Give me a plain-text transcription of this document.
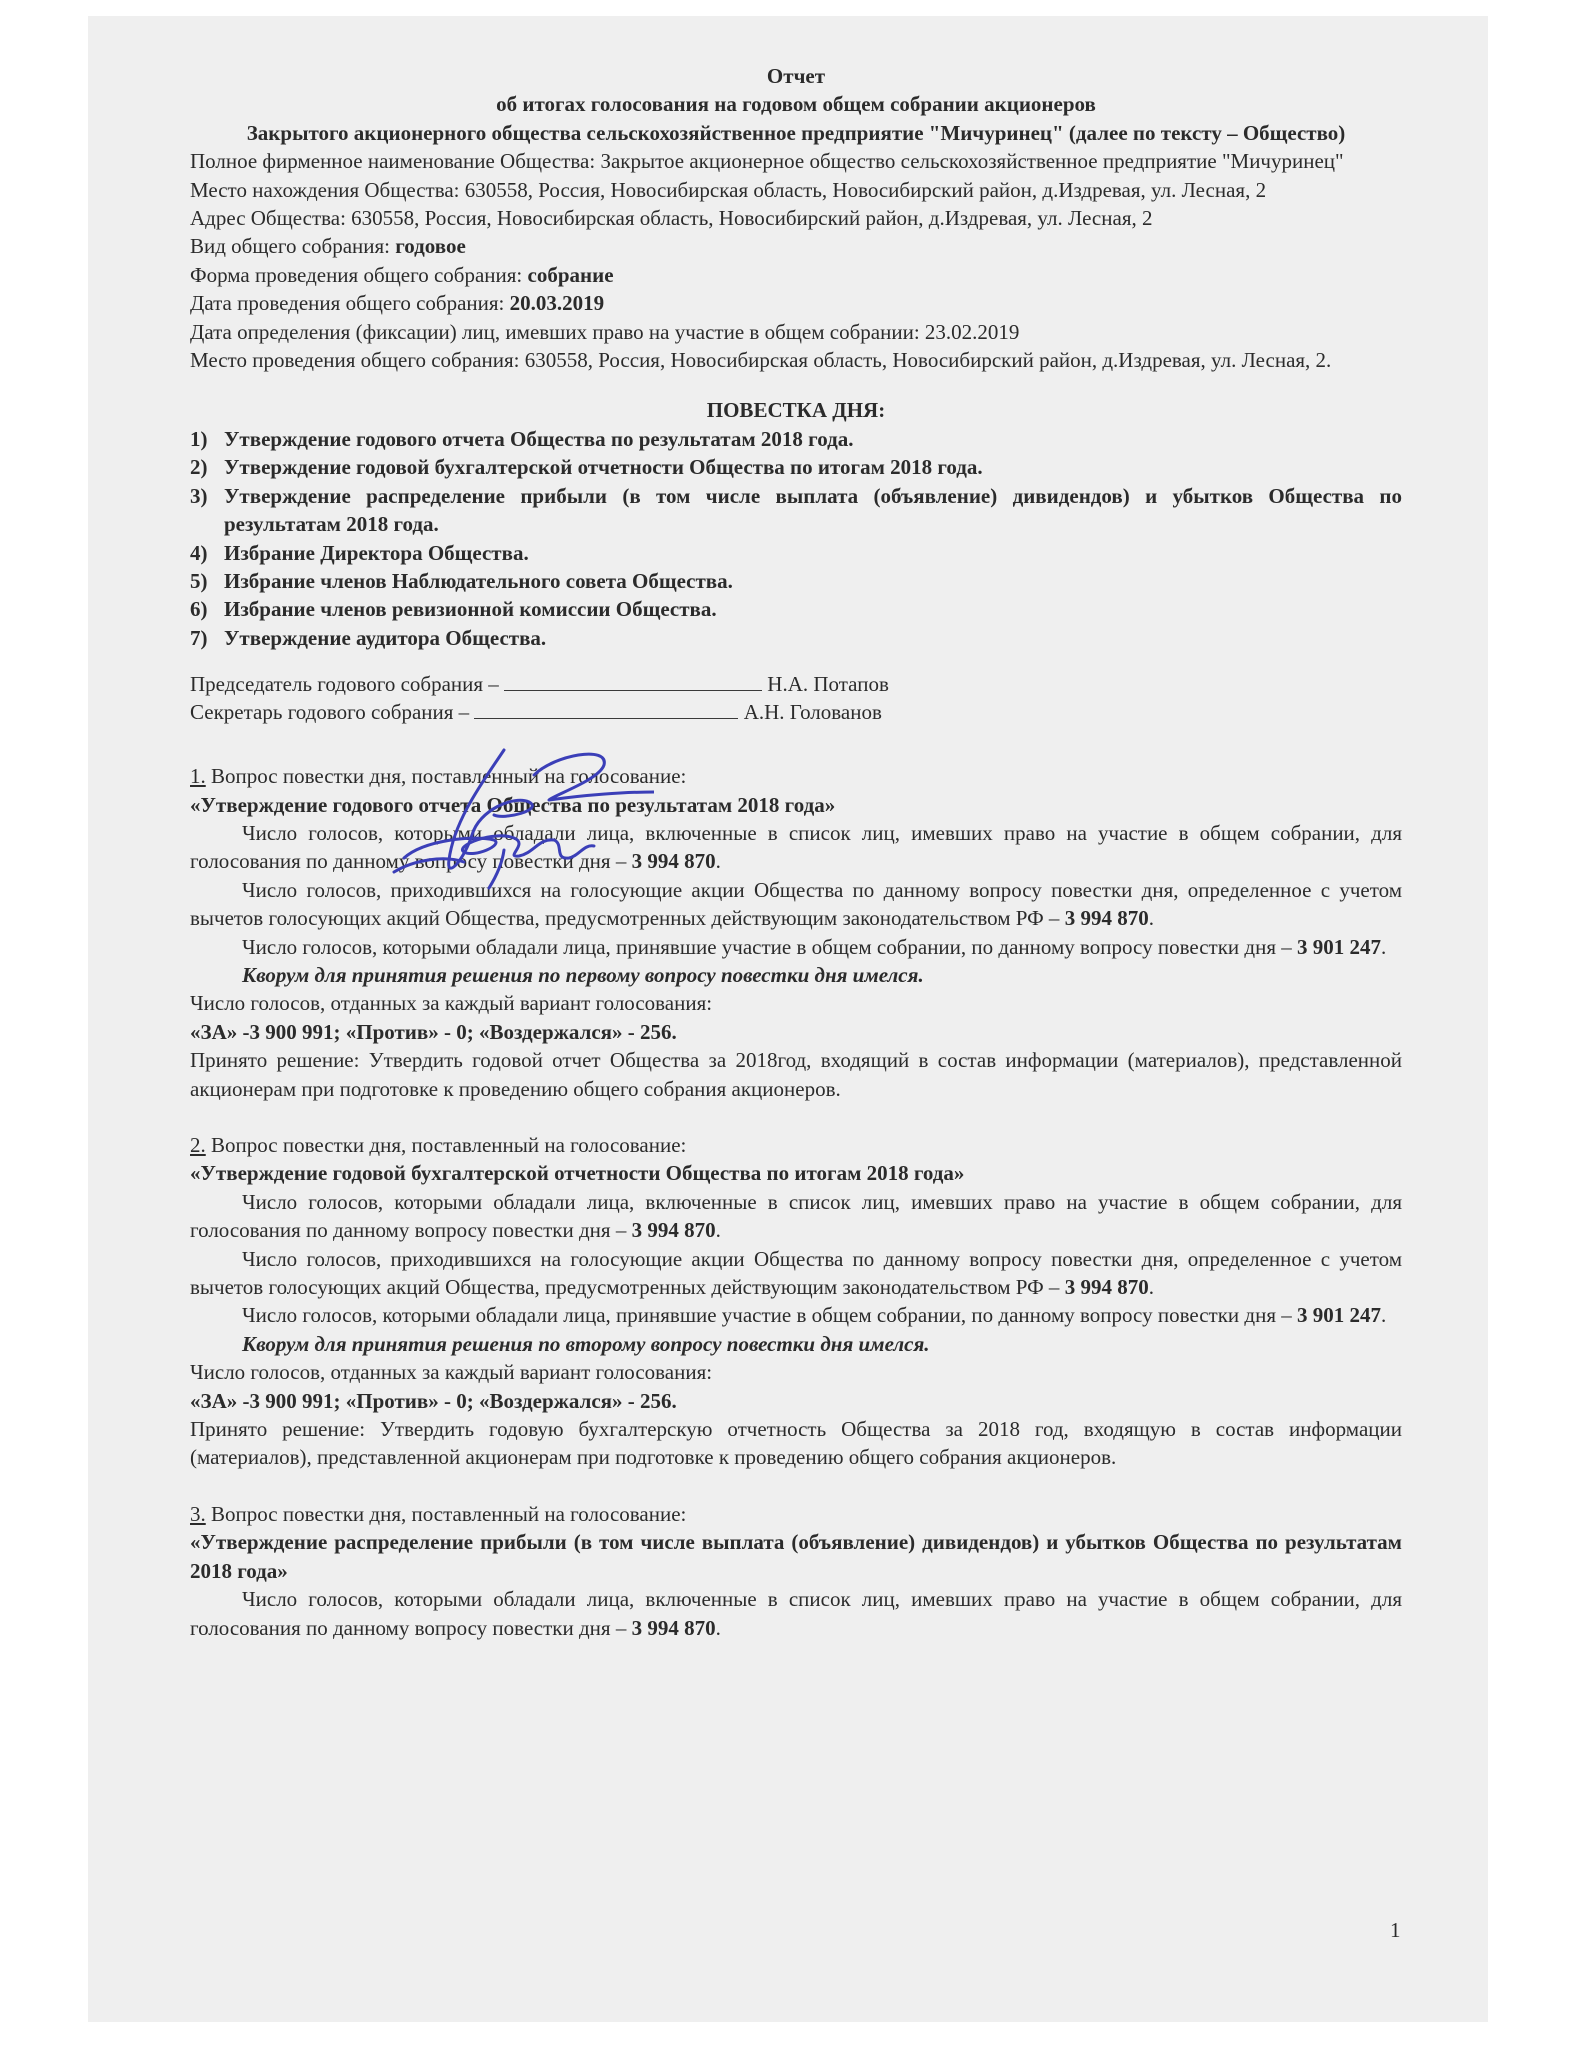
Отчет

об итогах голосования на годовом общем собрании акционеров

Закрытого акционерного общества сельскохозяйственное предприятие "Мичуринец" (далее по тексту – Общество)

Полное фирменное наименование Общества: Закрытое акционерное общество сельскохозяйственное предприятие "Мичуринец"

Место нахождения Общества: 630558, Россия, Новосибирская область, Новосибирский район, д.Издревая, ул. Лесная, 2

Адрес Общества: 630558, Россия, Новосибирская область, Новосибирский район, д.Издревая, ул. Лесная, 2

Вид общего собрания: годовое

Форма проведения общего собрания: собрание

Дата проведения общего собрания: 20.03.2019

Дата определения (фиксации) лиц, имевших право на участие в общем собрании: 23.02.2019

Место проведения общего собрания: 630558, Россия, Новосибирская область, Новосибирский район, д.Издревая, ул. Лесная, 2.

ПОВЕСТКА ДНЯ:

1) Утверждение годового отчета Общества по результатам 2018 года.
2) Утверждение годовой бухгалтерской отчетности Общества по итогам 2018 года.
3) Утверждение распределение прибыли (в том числе выплата (объявление) дивидендов) и убытков Общества по результатам 2018 года.
4) Избрание Директора Общества.
5) Избрание членов Наблюдательного совета Общества.
6) Избрание членов ревизионной комиссии Общества.
7) Утверждение аудитора Общества.
Председатель годового собрания –	Н.А. Потапов
Секретарь годового собрания –	А.Н. Голованов

1. Вопрос повестки дня, поставленный на голосование:

«Утверждение годового отчета Общества по результатам 2018 года»

Число голосов, которыми обладали лица, включенные в список лиц, имевших право на участие в общем собрании, для голосования по данному вопросу повестки дня – 3 994 870.

Число голосов, приходившихся на голосующие акции Общества по данному вопросу повестки дня, определенное с учетом вычетов голосующих акций Общества, предусмотренных действующим законодательством РФ – 3 994 870.

Число голосов, которыми обладали лица, принявшие участие в общем собрании, по данному вопросу повестки дня – 3 901 247.

Кворум для принятия решения по первому вопросу повестки дня имелся.

Число голосов, отданных за каждый вариант голосования:

«ЗА» -3 900 991; «Против» - 0; «Воздержался» - 256.

Принято решение: Утвердить годовой отчет Общества за 2018год, входящий в состав информации (материалов), представленной акционерам при подготовке к проведению общего собрания акционеров.

2. Вопрос повестки дня, поставленный на голосование:

«Утверждение годовой бухгалтерской отчетности Общества по итогам 2018 года»

Число голосов, которыми обладали лица, включенные в список лиц, имевших право на участие в общем собрании, для голосования по данному вопросу повестки дня – 3 994 870.

Число голосов, приходившихся на голосующие акции Общества по данному вопросу повестки дня, определенное с учетом вычетов голосующих акций Общества, предусмотренных действующим законодательством РФ – 3 994 870.

Число голосов, которыми обладали лица, принявшие участие в общем собрании, по данному вопросу повестки дня – 3 901 247.

Кворум для принятия решения по второму вопросу повестки дня имелся.

Число голосов, отданных за каждый вариант голосования:

«ЗА» -3 900 991; «Против» - 0; «Воздержался» - 256.

Принято решение: Утвердить годовую бухгалтерскую отчетность Общества за 2018 год, входящую в состав информации (материалов), представленной акционерам при подготовке к проведению общего собрания акционеров.

3. Вопрос повестки дня, поставленный на голосование:

«Утверждение распределение прибыли (в том числе выплата (объявление) дивидендов) и убытков Общества по результатам 2018 года»

Число голосов, которыми обладали лица, включенные в список лиц, имевших право на участие в общем собрании, для голосования по данному вопросу повестки дня – 3 994 870.

1
